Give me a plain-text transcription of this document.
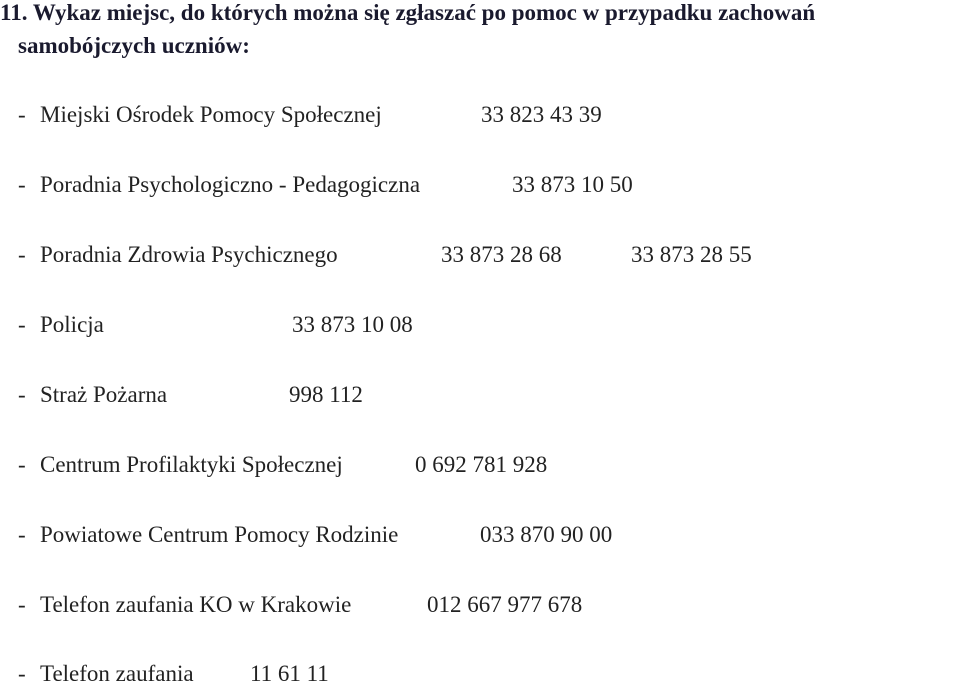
11. Wykaz miejsc, do których można się zgłaszać po pomoc w przypadku zachowań
samobójczych uczniów:
- Miejski Ośrodek Pomocy Społecznej	33 823 43 39
- Poradnia Psychologiczno - Pedagogiczna	33 873 10 50
- Poradnia Zdrowia Psychicznego	33 873 28 68	33 873 28 55
- Policja	33 873 10 08
- Straż Pożarna	998 112
- Centrum Profilaktyki Społecznej	0 692 781 928
- Powiatowe Centrum Pomocy Rodzinie	033 870 90 00
- Telefon zaufania KO w Krakowie	012 667 977 678
- Telefon zaufania 11 61 11
